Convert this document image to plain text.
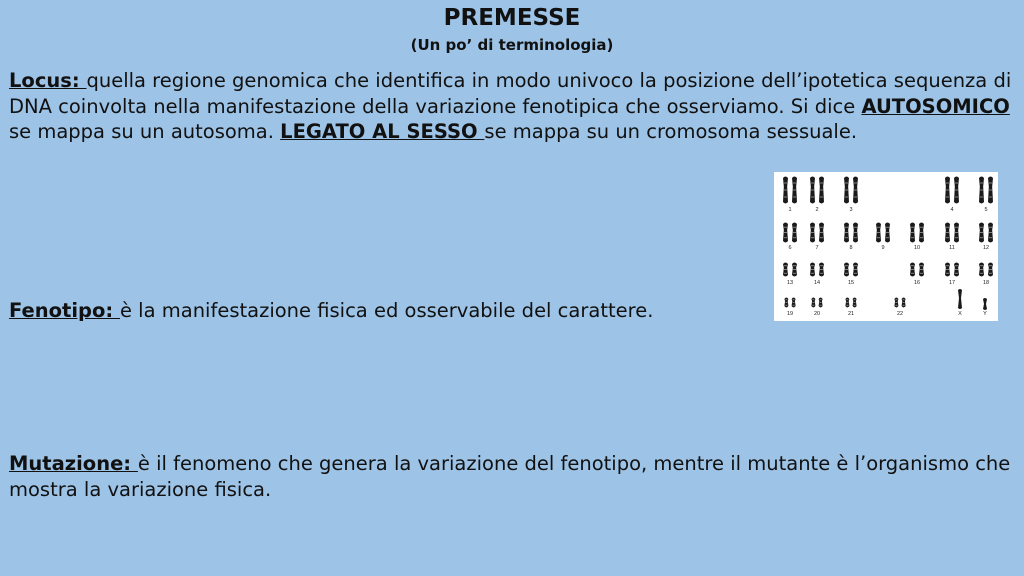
PREMESSE
(Un po’ di terminologia)

Locus: quella regione genomica che identifica in modo univoco la posizione dell’ipotetica sequenza di DNA coinvolta nella manifestazione della variazione fenotipica che osserviamo. Si dice AUTOSOMICO se mappa su un autosoma. LEGATO AL SESSO se mappa su un cromosoma sessuale.

Fenotipo: è la manifestazione fisica ed osservabile del carattere.

Mutazione: è il fenomeno che genera la variazione del fenotipo, mentre il mutante è l’organismo che mostra la variazione fisica.

1	2	3	4	5
6	7	8	9	10	11	12
13	14	15	16	17	18
19	20	21	22	X	Y
